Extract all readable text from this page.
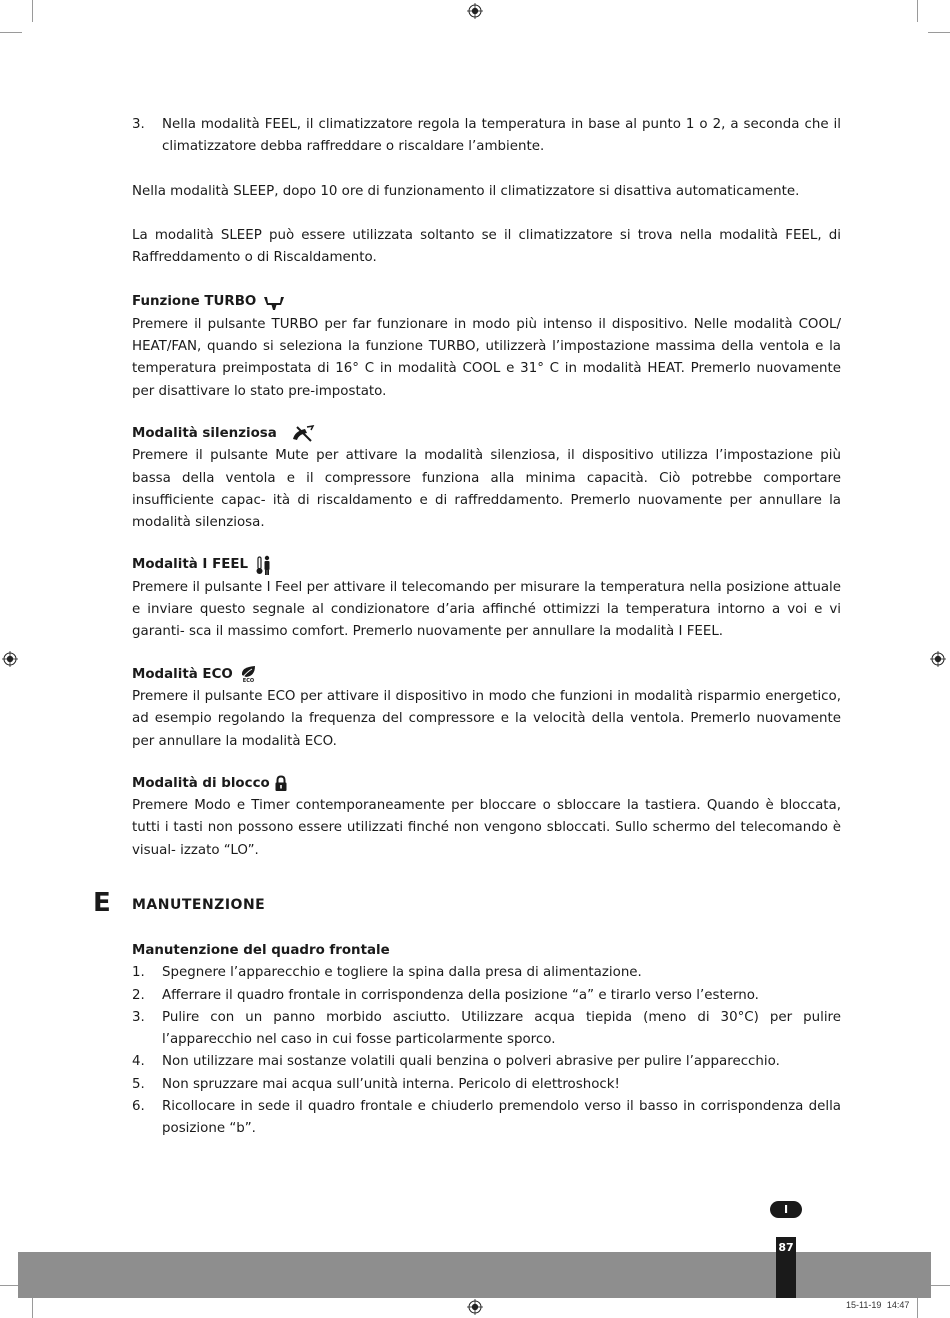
3. Nella modalità FEEL, il climatizzatore regola la temperatura in base al punto 1 o 2, a seconda che il climatizzatore debba raffreddare o riscaldare l’ambiente.

Nella modalità SLEEP, dopo 10 ore di funzionamento il climatizzatore si disattiva automaticamente.

La modalità SLEEP può essere utilizzata soltanto se il climatizzatore si trova nella modalità FEEL, di Raffreddamento o di Riscaldamento.

Funzione TURBO

Premere il pulsante TURBO per far funzionare in modo più intenso il dispositivo. Nelle modalità COOL/ HEAT/FAN, quando si seleziona la funzione TURBO, utilizzerà l’impostazione massima della ventola e la temperatura preimpostata di 16° C in modalità COOL e 31° C in modalità HEAT. Premerlo nuovamente per disattivare lo stato pre-impostato.

Modalità silenziosa

Premere il pulsante Mute per attivare la modalità silenziosa, il dispositivo utilizza l’impostazione più bassa della ventola e il compressore funziona alla minima capacità. Ciò potrebbe comportare insufficiente capac- ità di riscaldamento e di raffreddamento. Premerlo nuovamente per annullare la modalità silenziosa.

Modalità I FEEL

Premere il pulsante I Feel per attivare il telecomando per misurare la temperatura nella posizione attuale e inviare questo segnale al condizionatore d’aria affinché ottimizzi la temperatura intorno a voi e vi garanti- sca il massimo comfort. Premerlo nuovamente per annullare la modalità I FEEL.

Modalità ECO ECO

Premere il pulsante ECO per attivare il dispositivo in modo che funzioni in modalità risparmio energetico, ad esempio regolando la frequenza del compressore e la velocità della ventola. Premerlo nuovamente per annullare la modalità ECO.

Modalità di blocco

Premere Modo e Timer contemporaneamente per bloccare o sbloccare la tastiera. Quando è bloccata, tutti i tasti non possono essere utilizzati finché non vengono sbloccati. Sullo schermo del telecomando è visual- izzato “LO”.

E MANUTENZIONE
Manutenzione del quadro frontale
1. Spegnere l’apparecchio e togliere la spina dalla presa di alimentazione.
2. Afferrare il quadro frontale in corrispondenza della posizione “a” e tirarlo verso l’esterno.
3. Pulire con un panno morbido asciutto. Utilizzare acqua tiepida (meno di 30°C) per pulire l’apparecchio nel caso in cui fosse particolarmente sporco.
4. Non utilizzare mai sostanze volatili quali benzina o polveri abrasive per pulire l’apparecchio.
5. Non spruzzare mai acqua sull’unità interna. Pericolo di elettroshock!
6. Ricollocare in sede il quadro frontale e chiuderlo premendolo verso il basso in corrispondenza della posizione “b”.
I
87
15-11-19 14:47
